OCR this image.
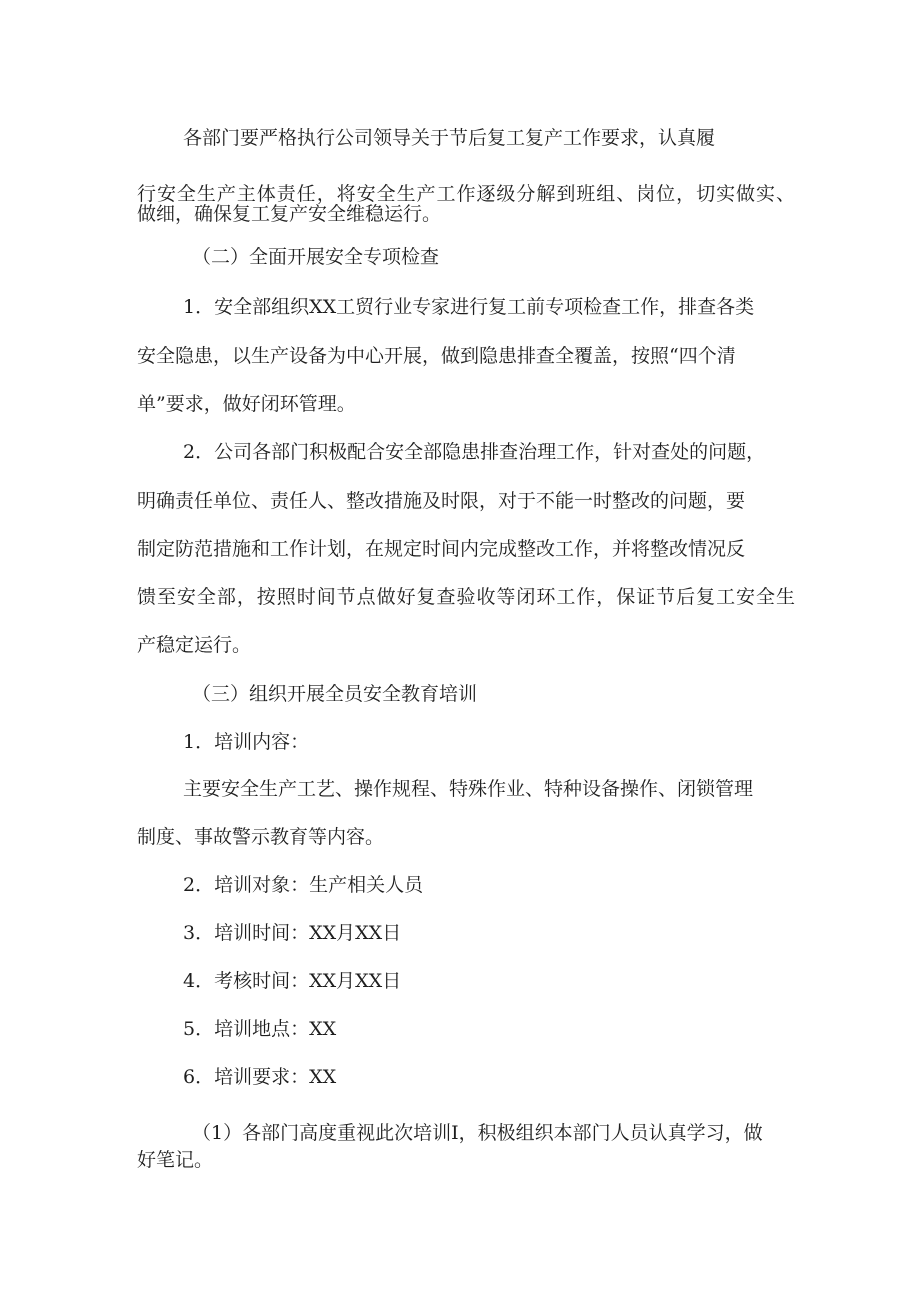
各部门要严格执行公司领导关于节后复工复产工作要求，认真履
行安全生产主体责任，将安全生产工作逐级分解到班组、岗位，切实做实、
做细，确保复工复产安全维稳运行。
（二）全面开展安全专项检查
1．安全部组织XX工贸行业专家进行复工前专项检查工作，排查各类
安全隐患，以生产设备为中心开展，做到隐患排查全覆盖，按照“四个清
单”要求，做好闭环管理。
2．公司各部门积极配合安全部隐患排查治理工作，针对查处的问题，
明确责任单位、责任人、整改措施及时限，对于不能一时整改的问题，要
制定防范措施和工作计划，在规定时间内完成整改工作，并将整改情况反
馈至安全部，按照时间节点做好复查验收等闭环工作，保证节后复工安全生
产稳定运行。
（三）组织开展全员安全教育培训
1．培训内容：
主要安全生产工艺、操作规程、特殊作业、特种设备操作、闭锁管理
制度、事故警示教育等内容。
2．培训对象：生产相关人员
3．培训时间：XX月XX日
4．考核时间：XX月XX日
5．培训地点：XX
6．培训要求：XX
（1）各部门高度重视此次培训I，积极组织本部门人员认真学习，做
好笔记。
